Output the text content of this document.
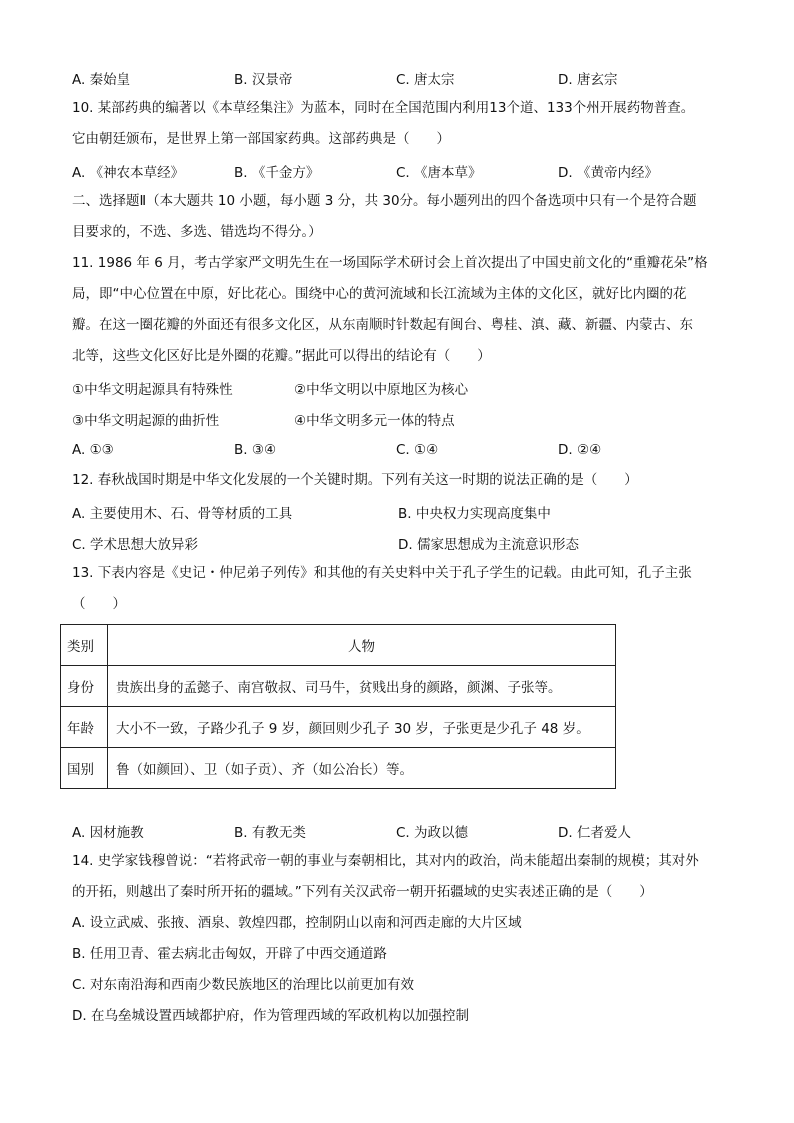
A. 秦始皇	B. 汉景帝	C. 唐太宗	D. 唐玄宗
10. 某部药典的编著以《本草经集注》为蓝本，同时在全国范围内利用13个道、133个州开展药物普查。
它由朝廷颁布，是世界上第一部国家药典。这部药典是（　　）
A. 《神农本草经》	B. 《千金方》	C. 《唐本草》	D. 《黄帝内经》
二、选择题Ⅱ（本大题共 10 小题，每小题 3 分，共 30分。每小题列出的四个备选项中只有一个是符合题
目要求的，不选、多选、错选均不得分。）
11. 1986 年 6 月，考古学家严文明先生在一场国际学术研讨会上首次提出了中国史前文化的“重瓣花朵”格
局，即“中心位置在中原，好比花心。围绕中心的黄河流域和长江流域为主体的文化区，就好比内圈的花
瓣。在这一圈花瓣的外面还有很多文化区，从东南顺时针数起有闽台、粤桂、滇、藏、新疆、内蒙古、东
北等，这些文化区好比是外圈的花瓣。”据此可以得出的结论有（　　）
①中华文明起源具有特殊性	②中华文明以中原地区为核心
③中华文明起源的曲折性	④中华文明多元一体的特点
A. ①③	B. ③④	C. ①④	D. ②④
12. 春秋战国时期是中华文化发展的一个关键时期。下列有关这一时期的说法正确的是（　　）
A. 主要使用木、石、骨等材质的工具	B. 中央权力实现高度集中
C. 学术思想大放异彩	D. 儒家思想成为主流意识形态
13. 下表内容是《史记・仲尼弟子列传》和其他的有关史料中关于孔子学生的记载。由此可知，孔子主张
（　　）
类别	人物
身份	贵族出身的孟懿子、南宫敬叔、司马牛，贫贱出身的颜路，颜渊、子张等。
年龄	大小不一致，子路少孔子 9 岁，颜回则少孔子 30 岁，子张更是少孔子 48 岁。
国别	鲁（如颜回）、卫（如子贡）、齐（如公冶长）等。
A. 因材施教	B. 有教无类	C. 为政以德	D. 仁者爱人
14. 史学家钱穆曾说：“若将武帝一朝的事业与秦朝相比，其对内的政治，尚未能超出秦制的规模；其对外
的开拓，则越出了秦时所开拓的疆域。”下列有关汉武帝一朝开拓疆域的史实表述正确的是（　　）
A. 设立武威、张掖、酒泉、敦煌四郡，控制阴山以南和河西走廊的大片区域
B. 任用卫青、霍去病北击匈奴，开辟了中西交通道路
C. 对东南沿海和西南少数民族地区的治理比以前更加有效
D. 在乌垒城设置西域都护府，作为管理西域的军政机构以加强控制
